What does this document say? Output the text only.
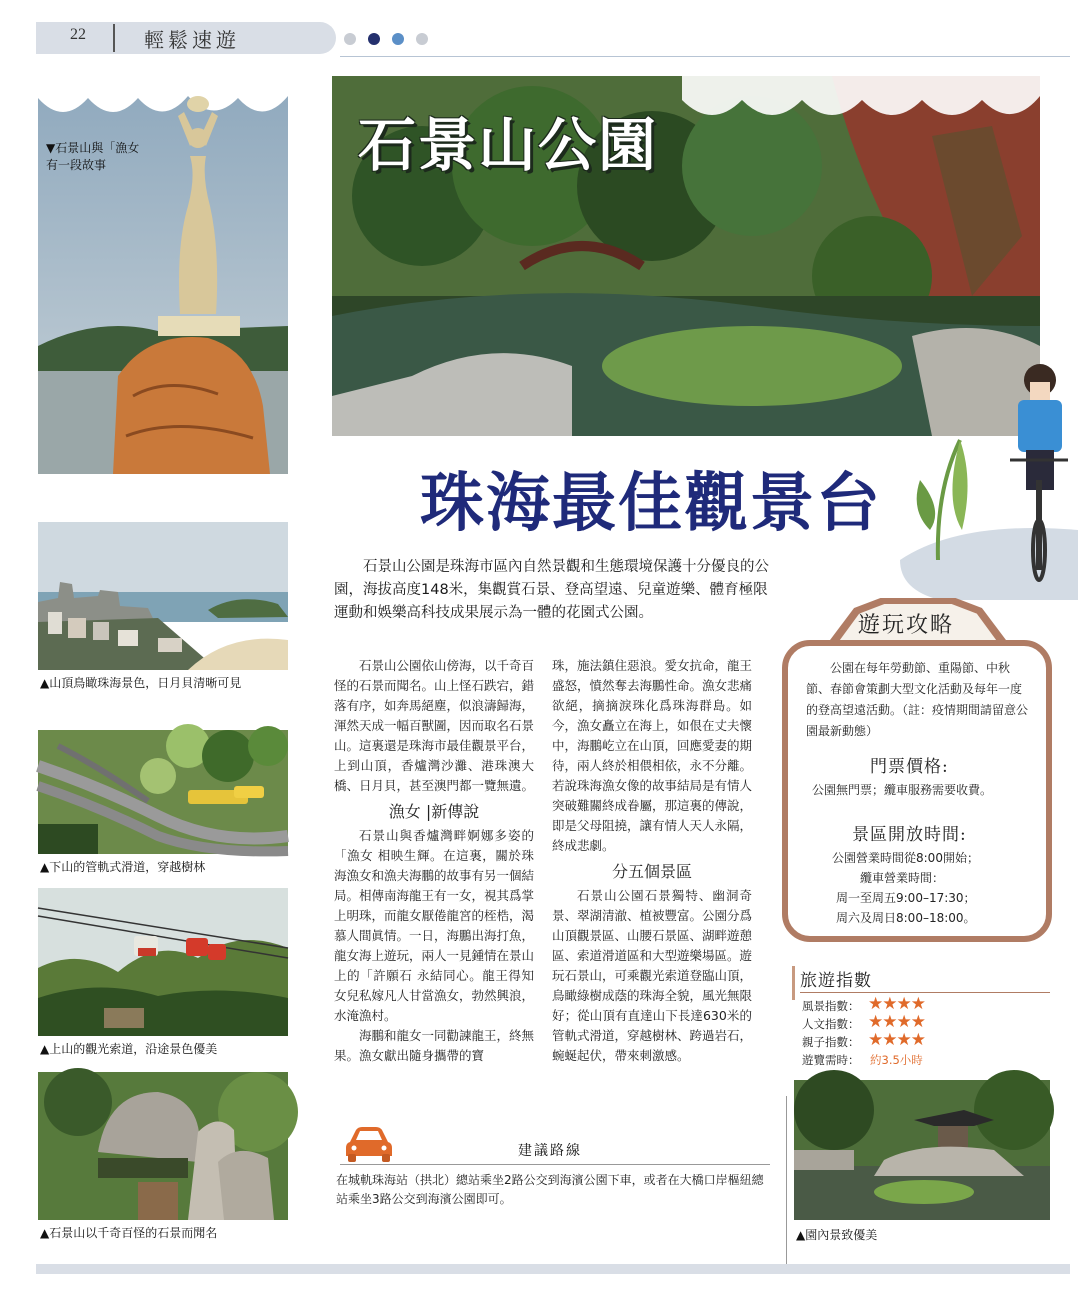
22	輕鬆速遊
▼石景山與「漁女 有一段故事
▲山頂鳥瞰珠海景色，日月貝清晰可見
▲下山的管軌式滑道，穿越樹林
▲上山的觀光索道，沿途景色優美
▲石景山以千奇百怪的石景而聞名
石景山公園
珠海最佳觀景台
石景山公園是珠海市區內自然景觀和生態環境保護十分優良的公園，海拔高度148米，集觀賞石景、登高望遠、兒童遊樂、體育極限運動和娛樂高科技成果展示為一體的花園式公園。

石景山公園依山傍海，以千奇百怪的石景而聞名。山上怪石跌宕，錯落有序，如奔馬絕塵，似浪濤歸海，渾然天成一幅百獸圖，因而取名石景山。這裏還是珠海市最佳觀景平台，上到山頂，香爐灣沙灘、港珠澳大橋、日月貝，甚至澳門都一覽無遺。

漁女 |新傳說

石景山與香爐灣畔婀娜多姿的「漁女 相映生輝。在這裏，關於珠海漁女和漁夫海鵬的故事有另一個結局。相傳南海龍王有一女，視其爲掌上明珠，而龍女厭倦龍宮的桎梏，渴慕人間眞情。一日，海鵬出海打魚，龍女海上遊玩，兩人一見鍾情在景山上的「許願石 永結同心。龍王得知女兒私嫁凡人甘當漁女，勃然興浪，水淹漁村。

海鵬和龍女一同勸諫龍王，終無果。漁女獻出隨身攜帶的寶

珠，施法鎮住惡浪。愛女抗命，龍王盛怒，憤然奪去海鵬性命。漁女悲痛欲絕，摘摘淚珠化爲珠海群島。如今，漁女矗立在海上，如佷在丈夫懷中，海鵬屹立在山頂，回應愛妻的期待，兩人終於相偎相依，永不分離。若說珠海漁女像的故事結局是有情人突破難關終成眷屬，那這裏的傳說，即是父母阻撓，讓有情人天人永隔，終成悲劇。

分五個景區

石景山公園石景獨特、幽洞奇景、翠湖清澈、植被豐富。公園分爲山頂觀景區、山腰石景區、湖畔遊憩區、索道滑道區和大型遊樂場區。遊玩石景山，可乘觀光索道登臨山頂，鳥瞰綠樹成蔭的珠海全貌，風光無限好；從山頂有直達山下長達630米的管軌式滑道，穿越樹林、跨過岩石，蜿蜒起伏，帶來刺激感。

遊玩攻略
公園在每年勞動節、重陽節、中秋節、春節會策劃大型文化活動及每年一度的登高望遠活動。（註：疫情期間請留意公園最新動態）
門票價格:
公園無門票；纜車服務需要收費。
景區開放時間:
公園營業時間從8:00開始；
纜車營業時間：
周一至周五9:00–17:30；
周六及周日8:00–18:00。
旅遊指數
風景指數： ★★★★
人文指數： ★★★★
親子指數： ★★★★
遊覽需時： 約3.5小時
▲園內景致優美
建議路線
在城軌珠海站（拱北）總站乘坐2路公交到海濱公園下車，或者在大橋口岸樞紐總站乘坐3路公交到海濱公園即可。
